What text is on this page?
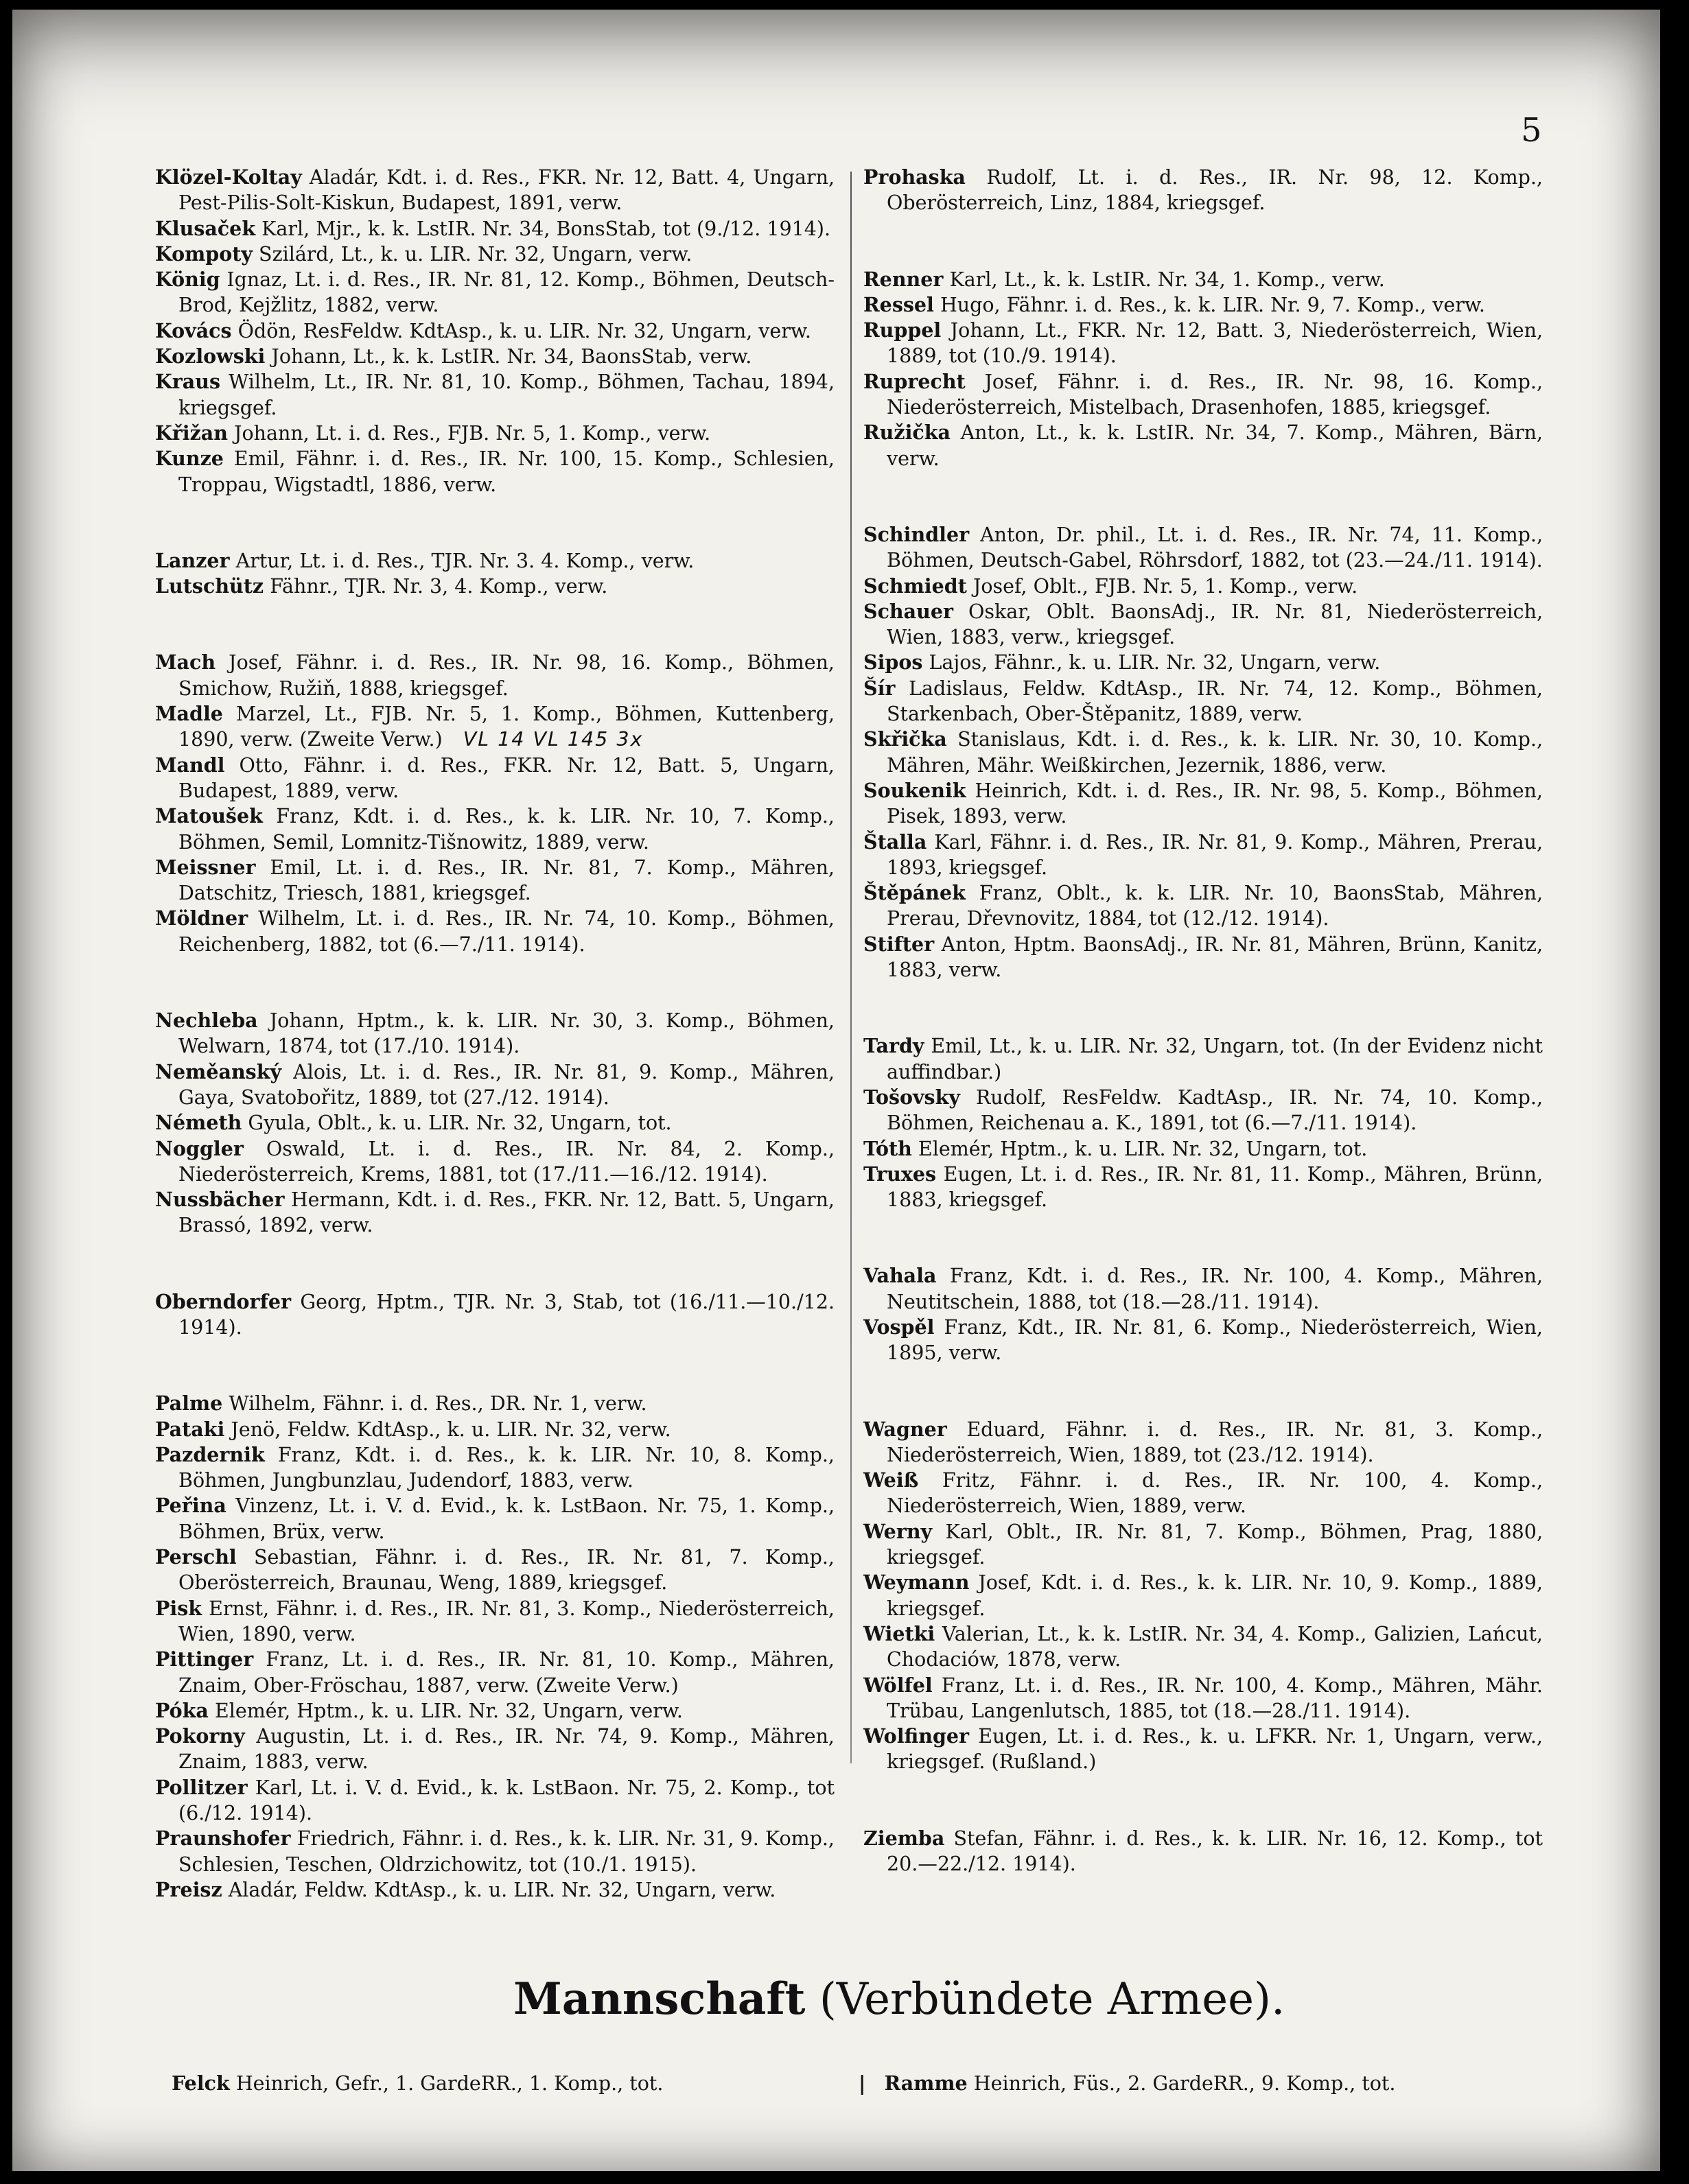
5

Klözel-Koltay Aladár, Kdt. i. d. Res., FKR. Nr. 12, Batt. 4, Ungarn, Pest-Pilis-Solt-Kiskun, Budapest, 1891, verw.

Klusaček Karl, Mjr., k. k. LstIR. Nr. 34, BonsStab, tot (9./12. 1914).

Kompoty Szilárd, Lt., k. u. LIR. Nr. 32, Ungarn, verw.

König Ignaz, Lt. i. d. Res., IR. Nr. 81, 12. Komp., Böhmen, Deutsch-Brod, Kejžlitz, 1882, verw.

Kovács Ödön, ResFeldw. KdtAsp., k. u. LIR. Nr. 32, Ungarn, verw.

Kozlowski Johann, Lt., k. k. LstIR. Nr. 34, BaonsStab, verw.

Kraus Wilhelm, Lt., IR. Nr. 81, 10. Komp., Böhmen, Tachau, 1894, kriegsgef.

Křižan Johann, Lt. i. d. Res., FJB. Nr. 5, 1. Komp., verw.

Kunze Emil, Fähnr. i. d. Res., IR. Nr. 100, 15. Komp., Schlesien, Troppau, Wigstadtl, 1886, verw.

Lanzer Artur, Lt. i. d. Res., TJR. Nr. 3. 4. Komp., verw.

Lutschütz Fähnr., TJR. Nr. 3, 4. Komp., verw.

Mach Josef, Fähnr. i. d. Res., IR. Nr. 98, 16. Komp., Böhmen, Smichow, Ružiň, 1888, kriegsgef.

Madle Marzel, Lt., FJB. Nr. 5, 1. Komp., Böhmen, Kuttenberg, 1890, verw. (Zweite Verw.) VL 14 VL 145 3x

Mandl Otto, Fähnr. i. d. Res., FKR. Nr. 12, Batt. 5, Ungarn, Budapest, 1889, verw.

Matoušek Franz, Kdt. i. d. Res., k. k. LIR. Nr. 10, 7. Komp., Böhmen, Semil, Lomnitz-Tišnowitz, 1889, verw.

Meissner Emil, Lt. i. d. Res., IR. Nr. 81, 7. Komp., Mähren, Datschitz, Triesch, 1881, kriegsgef.

Möldner Wilhelm, Lt. i. d. Res., IR. Nr. 74, 10. Komp., Böhmen, Reichenberg, 1882, tot (6.—7./11. 1914).

Nechleba Johann, Hptm., k. k. LIR. Nr. 30, 3. Komp., Böhmen, Welwarn, 1874, tot (17./10. 1914).

Neměanský Alois, Lt. i. d. Res., IR. Nr. 81, 9. Komp., Mähren, Gaya, Svatobořitz, 1889, tot (27./12. 1914).

Németh Gyula, Oblt., k. u. LIR. Nr. 32, Ungarn, tot.

Noggler Oswald, Lt. i. d. Res., IR. Nr. 84, 2. Komp., Niederösterreich, Krems, 1881, tot (17./11.—16./12. 1914).

Nussbächer Hermann, Kdt. i. d. Res., FKR. Nr. 12, Batt. 5, Ungarn, Brassó, 1892, verw.

Oberndorfer Georg, Hptm., TJR. Nr. 3, Stab, tot (16./11.—10./12. 1914).

Palme Wilhelm, Fähnr. i. d. Res., DR. Nr. 1, verw.

Pataki Jenö, Feldw. KdtAsp., k. u. LIR. Nr. 32, verw.

Pazdernik Franz, Kdt. i. d. Res., k. k. LIR. Nr. 10, 8. Komp., Böhmen, Jungbunzlau, Judendorf, 1883, verw.

Peřina Vinzenz, Lt. i. V. d. Evid., k. k. LstBaon. Nr. 75, 1. Komp., Böhmen, Brüx, verw.

Perschl Sebastian, Fähnr. i. d. Res., IR. Nr. 81, 7. Komp., Oberösterreich, Braunau, Weng, 1889, kriegsgef.

Pisk Ernst, Fähnr. i. d. Res., IR. Nr. 81, 3. Komp., Niederösterreich, Wien, 1890, verw.

Pittinger Franz, Lt. i. d. Res., IR. Nr. 81, 10. Komp., Mähren, Znaim, Ober-Fröschau, 1887, verw. (Zweite Verw.)

Póka Elemér, Hptm., k. u. LIR. Nr. 32, Ungarn, verw.

Pokorny Augustin, Lt. i. d. Res., IR. Nr. 74, 9. Komp., Mähren, Znaim, 1883, verw.

Pollitzer Karl, Lt. i. V. d. Evid., k. k. LstBaon. Nr. 75, 2. Komp., tot (6./12. 1914).

Praunshofer Friedrich, Fähnr. i. d. Res., k. k. LIR. Nr. 31, 9. Komp., Schlesien, Teschen, Oldrzichowitz, tot (10./1. 1915).

Preisz Aladár, Feldw. KdtAsp., k. u. LIR. Nr. 32, Ungarn, verw.

Prohaska Rudolf, Lt. i. d. Res., IR. Nr. 98, 12. Komp., Oberösterreich, Linz, 1884, kriegsgef.

Renner Karl, Lt., k. k. LstIR. Nr. 34, 1. Komp., verw.

Ressel Hugo, Fähnr. i. d. Res., k. k. LIR. Nr. 9, 7. Komp., verw.

Ruppel Johann, Lt., FKR. Nr. 12, Batt. 3, Niederösterreich, Wien, 1889, tot (10./9. 1914).

Ruprecht Josef, Fähnr. i. d. Res., IR. Nr. 98, 16. Komp., Niederösterreich, Mistelbach, Drasenhofen, 1885, kriegsgef.

Ružička Anton, Lt., k. k. LstIR. Nr. 34, 7. Komp., Mähren, Bärn, verw.

Schindler Anton, Dr. phil., Lt. i. d. Res., IR. Nr. 74, 11. Komp., Böhmen, Deutsch-Gabel, Röhrsdorf, 1882, tot (23.—24./11. 1914).

Schmiedt Josef, Oblt., FJB. Nr. 5, 1. Komp., verw.

Schauer Oskar, Oblt. BaonsAdj., IR. Nr. 81, Niederösterreich, Wien, 1883, verw., kriegsgef.

Sipos Lajos, Fähnr., k. u. LIR. Nr. 32, Ungarn, verw.

Šír Ladislaus, Feldw. KdtAsp., IR. Nr. 74, 12. Komp., Böhmen, Starkenbach, Ober-Štěpanitz, 1889, verw.

Skřička Stanislaus, Kdt. i. d. Res., k. k. LIR. Nr. 30, 10. Komp., Mähren, Mähr. Weißkirchen, Jezernik, 1886, verw.

Soukenik Heinrich, Kdt. i. d. Res., IR. Nr. 98, 5. Komp., Böhmen, Pisek, 1893, verw.

Štalla Karl, Fähnr. i. d. Res., IR. Nr. 81, 9. Komp., Mähren, Prerau, 1893, kriegsgef.

Štěpánek Franz, Oblt., k. k. LIR. Nr. 10, BaonsStab, Mähren, Prerau, Dřevnovitz, 1884, tot (12./12. 1914).

Stifter Anton, Hptm. BaonsAdj., IR. Nr. 81, Mähren, Brünn, Kanitz, 1883, verw.

Tardy Emil, Lt., k. u. LIR. Nr. 32, Ungarn, tot. (In der Evidenz nicht auffindbar.)

Tošovsky Rudolf, ResFeldw. KadtAsp., IR. Nr. 74, 10. Komp., Böhmen, Reichenau a. K., 1891, tot (6.—7./11. 1914).

Tóth Elemér, Hptm., k. u. LIR. Nr. 32, Ungarn, tot.

Truxes Eugen, Lt. i. d. Res., IR. Nr. 81, 11. Komp., Mähren, Brünn, 1883, kriegsgef.

Vahala Franz, Kdt. i. d. Res., IR. Nr. 100, 4. Komp., Mähren, Neutitschein, 1888, tot (18.—28./11. 1914).

Vospěl Franz, Kdt., IR. Nr. 81, 6. Komp., Niederösterreich, Wien, 1895, verw.

Wagner Eduard, Fähnr. i. d. Res., IR. Nr. 81, 3. Komp., Niederösterreich, Wien, 1889, tot (23./12. 1914).

Weiß Fritz, Fähnr. i. d. Res., IR. Nr. 100, 4. Komp., Niederösterreich, Wien, 1889, verw.

Werny Karl, Oblt., IR. Nr. 81, 7. Komp., Böhmen, Prag, 1880, kriegsgef.

Weymann Josef, Kdt. i. d. Res., k. k. LIR. Nr. 10, 9. Komp., 1889, kriegsgef.

Wietki Valerian, Lt., k. k. LstIR. Nr. 34, 4. Komp., Galizien, Lańcut, Chodaciów, 1878, verw.

Wölfel Franz, Lt. i. d. Res., IR. Nr. 100, 4. Komp., Mähren, Mähr. Trübau, Langenlutsch, 1885, tot (18.—28./11. 1914).

Wolfinger Eugen, Lt. i. d. Res., k. u. LFKR. Nr. 1, Ungarn, verw., kriegsgef. (Rußland.)

Ziemba Stefan, Fähnr. i. d. Res., k. k. LIR. Nr. 16, 12. Komp., tot 20.—22./12. 1914).

Mannschaft (Verbündete Armee).
Felck Heinrich, Gefr., 1. GardeRR., 1. Komp., tot.	| Ramme Heinrich, Füs., 2. GardeRR., 9. Komp., tot.
